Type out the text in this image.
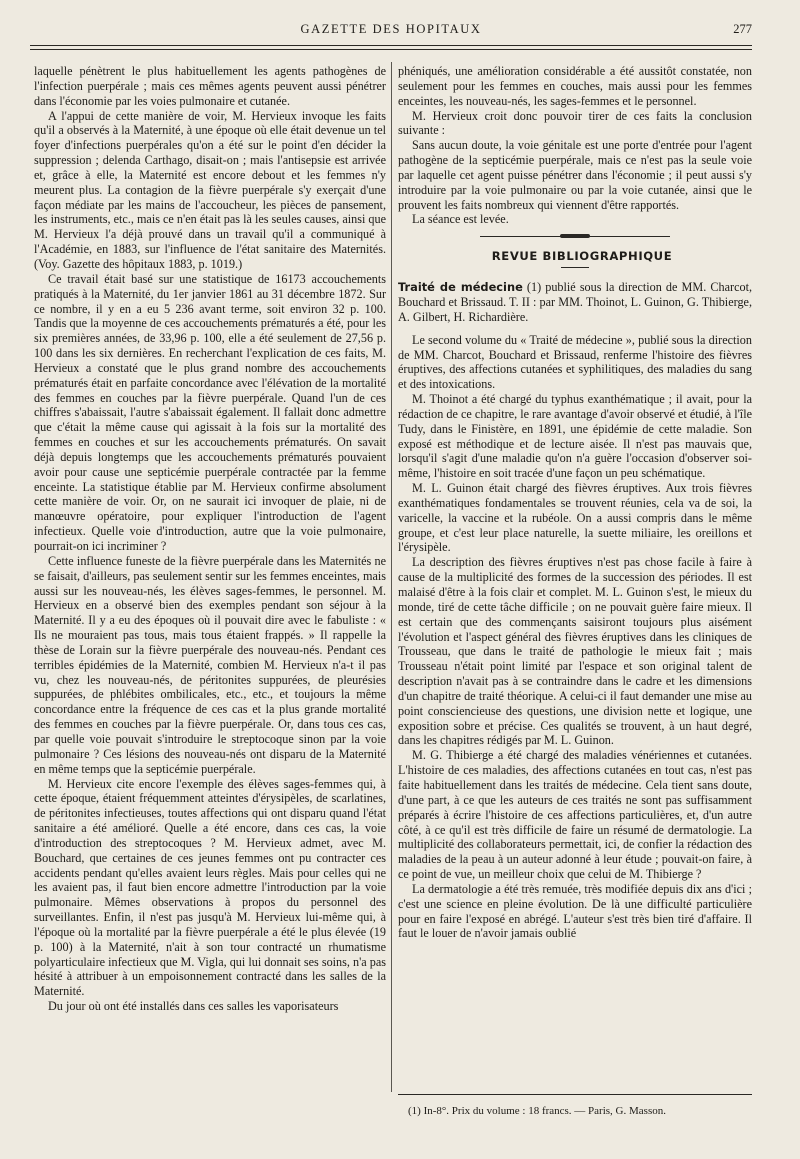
GAZETTE DES HOPITAUX	277

laquelle pénètrent le plus habituellement les agents pathogènes de l'infection puerpérale ; mais ces mêmes agents peuvent aussi pénétrer dans l'économie par les voies pulmonaire et cutanée.

A l'appui de cette manière de voir, M. Hervieux invoque les faits qu'il a observés à la Maternité, à une époque où elle était devenue un tel foyer d'infections puerpérales qu'on a été sur le point d'en décider la suppression ; delenda Carthago, disait-on ; mais l'antisepsie est arrivée et, grâce à elle, la Maternité est encore debout et les femmes n'y meurent plus. La contagion de la fièvre puerpérale s'y exerçait d'une façon médiate par les mains de l'accoucheur, les pièces de pansement, les instruments, etc., mais ce n'en était pas là les seules causes, ainsi que M. Hervieux l'a déjà prouvé dans un travail qu'il a communiqué à l'Académie, en 1883, sur l'influence de l'état sanitaire des Maternités. (Voy. Gazette des hôpitaux 1883, p. 1019.)

Ce travail était basé sur une statistique de 16173 accouchements pratiqués à la Maternité, du 1er janvier 1861 au 31 décembre 1872. Sur ce nombre, il y en a eu 5 236 avant terme, soit environ 32 p. 100. Tandis que la moyenne de ces accouchements prématurés a été, pour les six premières années, de 33,96 p. 100, elle a été seulement de 27,56 p. 100 dans les six dernières. En recherchant l'explication de ces faits, M. Hervieux a constaté que le plus grand nombre des accouchements prématurés était en parfaite concordance avec l'élévation de la mortalité des femmes en couches par la fièvre puerpérale. Quand l'un de ces chiffres s'abaissait, l'autre s'abaissait également. Il fallait donc admettre que c'était la même cause qui agissait à la fois sur la mortalité des femmes en couches et sur les accouchements prématurés. On savait déjà depuis longtemps que les accouchements prématurés pouvaient avoir pour cause une septicémie puerpérale contractée par la femme enceinte. La statistique établie par M. Hervieux confirme absolument cette manière de voir. Or, on ne saurait ici invoquer de plaie, ni de manœuvre opératoire, pour expliquer l'introduction de l'agent infectieux. Quelle voie d'introduction, autre que la voie pulmonaire, pourrait-on ici incriminer ?

Cette influence funeste de la fièvre puerpérale dans les Maternités ne se faisait, d'ailleurs, pas seulement sentir sur les femmes enceintes, mais aussi sur les nouveau-nés, les élèves sages-femmes, le personnel. M. Hervieux en a observé bien des exemples pendant son séjour à la Maternité. Il y a eu des époques où il pouvait dire avec le fabuliste : « Ils ne mouraient pas tous, mais tous étaient frappés. » Il rappelle la thèse de Lorain sur la fièvre puerpérale des nouveau-nés. Pendant ces terribles épidémies de la Maternité, combien M. Hervieux n'a-t il pas vu, chez les nouveau-nés, de péritonites suppurées, de pleurésies suppurées, de phlébites ombilicales, etc., etc., et toujours la même concordance entre la fréquence de ces cas et la plus grande mortalité des femmes en couches par la fièvre puerpérale. Or, dans tous ces cas, par quelle voie pouvait s'introduire le streptocoque sinon par la voie pulmonaire ? Ces lésions des nouveau-nés ont disparu de la Maternité en même temps que la septicémie puerpérale.

M. Hervieux cite encore l'exemple des élèves sages-femmes qui, à cette époque, étaient fréquemment atteintes d'érysipèles, de scarlatines, de péritonites infectieuses, toutes affections qui ont disparu quand l'état sanitaire a été amélioré. Quelle a été encore, dans ces cas, la voie d'introduction des streptocoques ? M. Hervieux admet, avec M. Bouchard, que certaines de ces jeunes femmes ont pu contracter ces accidents pendant qu'elles avaient leurs règles. Mais pour celles qui ne les avaient pas, il faut bien encore admettre l'introduction par la voie pulmonaire. Mêmes observations à propos du personnel des surveillantes. Enfin, il n'est pas jusqu'à M. Hervieux lui-même qui, à l'époque où la mortalité par la fièvre puerpérale a été le plus élevée (19 p. 100) à la Maternité, n'ait à son tour contracté un rhumatisme polyarticulaire infectieux que M. Vigla, qui lui donnait ses soins, n'a pas hésité à attribuer à un empoisonnement contracté dans les salles de la Maternité.

Du jour où ont été installés dans ces salles les vaporisateurs

phéniqués, une amélioration considérable a été aussitôt constatée, non seulement pour les femmes en couches, mais aussi pour les femmes enceintes, les nouveau-nés, les sages-femmes et le personnel.

M. Hervieux croit donc pouvoir tirer de ces faits la conclusion suivante :

Sans aucun doute, la voie génitale est une porte d'entrée pour l'agent pathogène de la septicémie puerpérale, mais ce n'est pas la seule voie par laquelle cet agent puisse pénétrer dans l'économie ; il peut aussi s'y introduire par la voie pulmonaire ou par la voie cutanée, ainsi que le prouvent les faits nombreux qui viennent d'être rapportés.

La séance est levée.

REVUE BIBLIOGRAPHIQUE

Traité de médecine (1) publié sous la direction de MM. Charcot, Bouchard et Brissaud. T. II : par MM. Thoinot, L. Guinon, G. Thibierge, A. Gilbert, H. Richardière.

Le second volume du « Traité de médecine », publié sous la direction de MM. Charcot, Bouchard et Brissaud, renferme l'histoire des fièvres éruptives, des affections cutanées et syphilitiques, des maladies du sang et des intoxications.

M. Thoinot a été chargé du typhus exanthématique ; il avait, pour la rédaction de ce chapitre, le rare avantage d'avoir observé et étudié, à l'île Tudy, dans le Finistère, en 1891, une épidémie de cette maladie. Son exposé est méthodique et de lecture aisée. Il n'est pas mauvais que, lorsqu'il s'agit d'une maladie qu'on n'a guère l'occasion d'observer soi-même, l'histoire en soit tracée d'une façon un peu schématique.

M. L. Guinon était chargé des fièvres éruptives. Aux trois fièvres exanthématiques fondamentales se trouvent réunies, cela va de soi, la varicelle, la vaccine et la rubéole. On a aussi compris dans le même groupe, et c'est leur place naturelle, la suette miliaire, les oreillons et l'érysipèle.

La description des fièvres éruptives n'est pas chose facile à faire à cause de la multiplicité des formes de la succession des périodes. Il est malaisé d'être à la fois clair et complet. M. L. Guinon s'est, le mieux du monde, tiré de cette tâche difficile ; on ne pouvait guère faire mieux. Il est certain que des commençants saisiront toujours plus aisément l'évolution et l'aspect général des fièvres éruptives dans les cliniques de Trousseau, que dans le traité de pathologie le mieux fait ; mais Trousseau n'était point limité par l'espace et son original talent de description n'avait pas à se contraindre dans le cadre et les dimensions d'un chapitre de traité théorique. A celui-ci il faut demander une mise au point consciencieuse des questions, une division nette et logique, une exposition sobre et précise. Ces qualités se trouvent, à un haut degré, dans les chapitres rédigés par M. L. Guinon.

M. G. Thibierge a été chargé des maladies vénériennes et cutanées. L'histoire de ces maladies, des affections cutanées en tout cas, n'est pas faite habituellement dans les traités de médecine. Cela tient sans doute, d'une part, à ce que les auteurs de ces traités ne sont pas suffisamment préparés à écrire l'histoire de ces affections particulières, et, d'un autre côté, à ce qu'il est très difficile de faire un résumé de dermatologie. La multiplicité des collaborateurs permettait, ici, de confier la rédaction des maladies de la peau à un auteur adonné à leur étude ; pouvait-on faire, à ce point de vue, un meilleur choix que celui de M. Thibierge ?

La dermatologie a été très remuée, très modifiée depuis dix ans d'ici ; c'est une science en pleine évolution. De là une difficulté particulière pour en faire l'exposé en abrégé. L'auteur s'est très bien tiré d'affaire. Il faut le louer de n'avoir jamais oublié

(1) In-8°. Prix du volume : 18 francs. — Paris, G. Masson.
